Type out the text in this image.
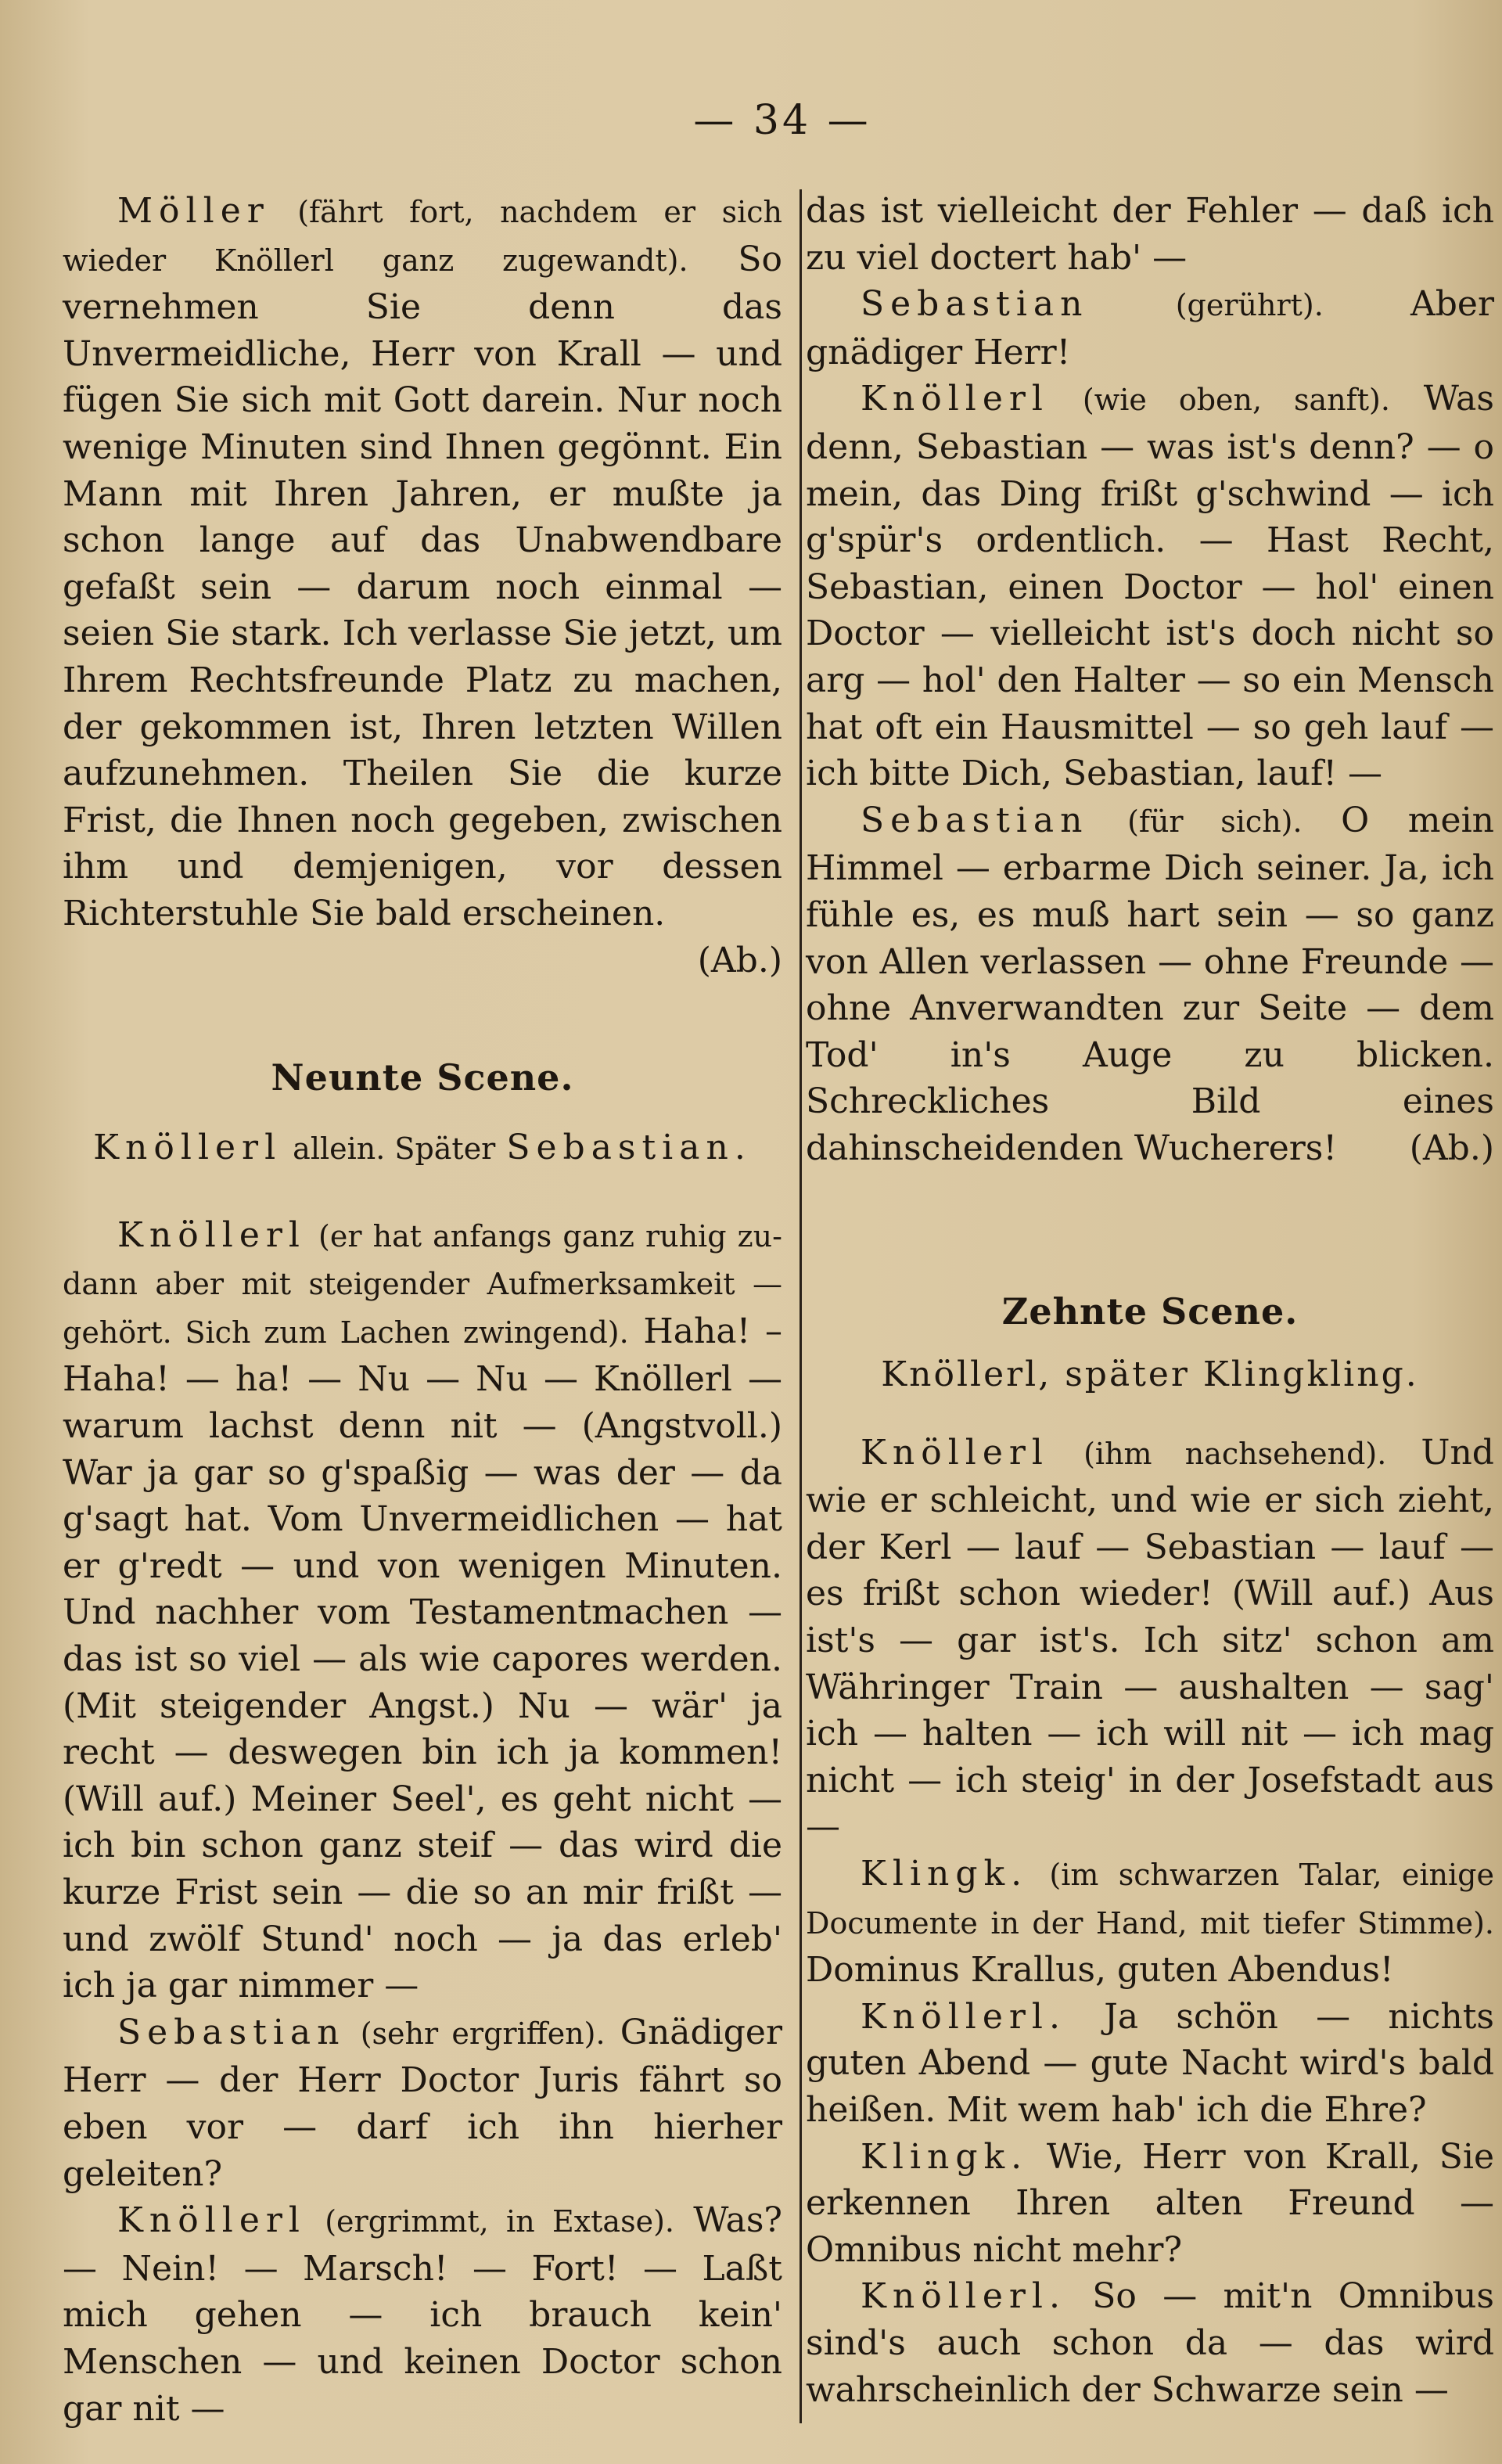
— 34 —

Möller (fährt fort, nachdem er sich wieder Knöllerl ganz zugewandt). So vernehmen Sie denn das Unvermeidliche, Herr von Krall — und fügen Sie sich mit Gott darein. Nur noch wenige Minuten sind Ihnen gegönnt. Ein Mann mit Ihren Jahren, er mußte ja schon lange auf das Unabwendbare gefaßt sein — darum noch einmal — seien Sie stark. Ich verlasse Sie jetzt, um Ihrem Rechtsfreunde Platz zu machen, der gekommen ist, Ihren letzten Willen aufzunehmen. Theilen Sie die kurze Frist, die Ihnen noch gegeben, zwischen ihm und demjenigen, vor dessen Richterstuhle Sie bald erscheinen.
(Ab.)

Neunte Scene.

Knöllerl allein. Später Sebastian.

Knöllerl (er hat anfangs ganz ruhig zu-dann aber mit steigender Aufmerksamkeit — gehört. Sich zum Lachen zwingend). Haha! – Haha! — ha! — Nu — Nu — Knöllerl — warum lachst denn nit — (Angstvoll.) War ja gar so g'spaßig — was der — da g'sagt hat. Vom Unvermeidlichen — hat er g'redt — und von wenigen Minuten. Und nachher vom Testamentmachen — das ist so viel — als wie capores werden. (Mit steigender Angst.) Nu — wär' ja recht — deswegen bin ich ja kommen! (Will auf.) Meiner Seel', es geht nicht — ich bin schon ganz steif — das wird die kurze Frist sein — die so an mir frißt — und zwölf Stund' noch — ja das erleb' ich ja gar nimmer —

Sebastian (sehr ergriffen). Gnädiger Herr — der Herr Doctor Juris fährt so eben vor — darf ich ihn hierher geleiten?

Knöllerl (ergrimmt, in Extase). Was? — Nein! — Marsch! — Fort! — Laßt mich gehen — ich brauch kein' Menschen — und keinen Doctor schon gar nit —

das ist vielleicht der Fehler — daß ich zu viel doctert hab' —

Sebastian	(gerührt).	Aber gnädiger Herr!

Knöllerl (wie oben, sanft). Was denn, Sebastian — was ist's denn? — o mein, das Ding frißt g'schwind — ich g'spür's ordentlich. — Hast Recht, Sebastian, einen Doctor — hol' einen Doctor — vielleicht ist's doch nicht so arg — hol' den Halter — so ein Mensch hat oft ein Hausmittel — so geh lauf — ich bitte Dich, Sebastian, lauf! —

Sebastian (für sich). O mein Himmel — erbarme Dich seiner. Ja, ich fühle es, es muß hart sein — so ganz von Allen verlassen — ohne Freunde — ohne Anverwandten zur Seite — dem Tod' in's Auge zu blicken. Schreckliches Bild eines dahinscheidenden Wucherers!	(Ab.)

Zehnte Scene.

Knöllerl, später Klingkling.

Knöllerl (ihm nachsehend). Und wie er schleicht, und wie er sich zieht, der Kerl — lauf — Sebastian — lauf — es frißt schon wieder! (Will auf.) Aus ist's — gar ist's. Ich sitz' schon am Währinger Train — aushalten — sag' ich — halten — ich will nit — ich mag nicht — ich steig' in der Josefstadt aus —

Klingk. (im schwarzen Talar, einige Documente in der Hand, mit tiefer Stimme). Dominus Krallus, guten Abendus!

Knöllerl. Ja schön — nichts guten Abend — gute Nacht wird's bald heißen. Mit wem hab' ich die Ehre?

Klingk. Wie, Herr von Krall, Sie erkennen Ihren alten Freund — Omnibus nicht mehr?

Knöllerl. So — mit'n Omnibus sind's auch schon da — das wird wahrscheinlich der Schwarze sein —
